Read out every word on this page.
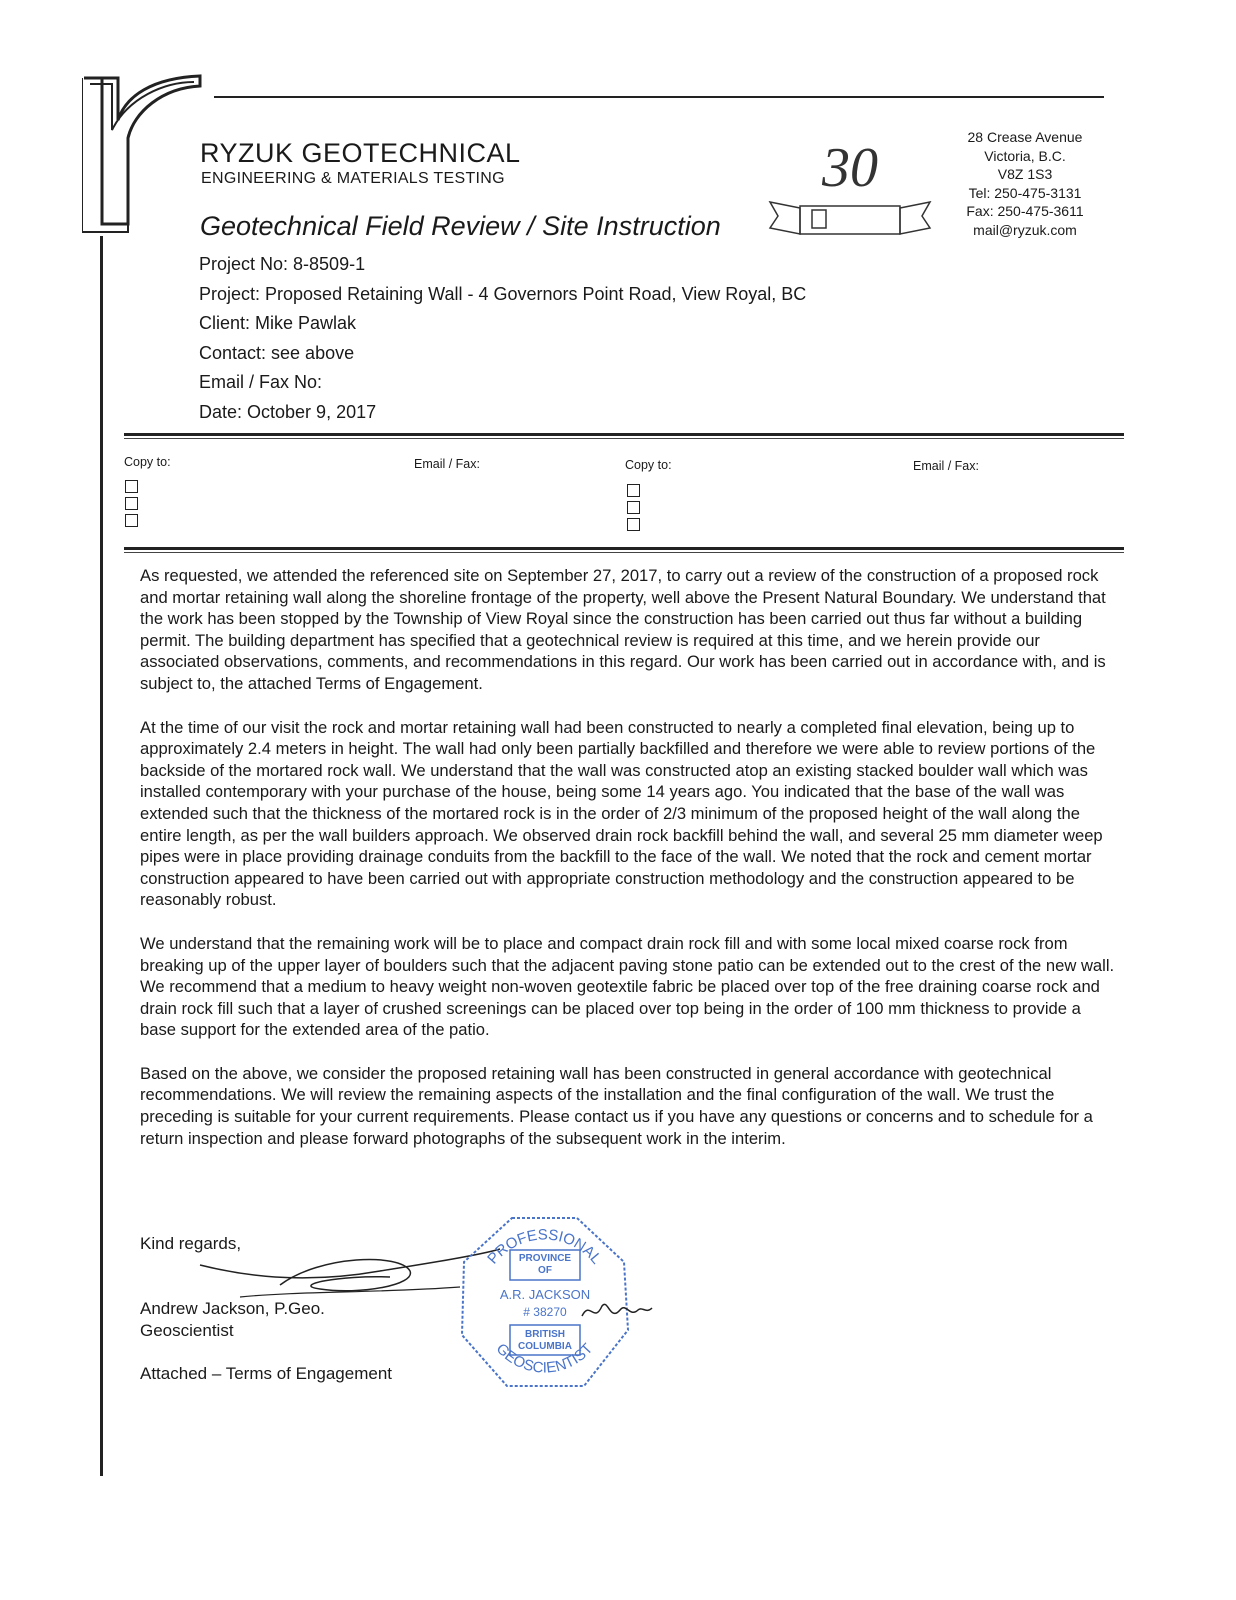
RYZUK GEOTECHNICAL
ENGINEERING & MATERIALS TESTING
Geotechnical Field Review / Site Instruction
30	28 Crease Avenue
Victoria, B.C.
V8Z 1S3
Tel: 250-475-3131
Fax: 250-475-3611
mail@ryzuk.com
Project No: 8-8509-1
Project: Proposed Retaining Wall - 4 Governors Point Road, View Royal, BC
Client: Mike Pawlak
Contact: see above
Email / Fax No:
Date: October 9, 2017
Copy to:	Email / Fax:	Copy to:	Email / Fax:

As requested, we attended the referenced site on September 27, 2017, to carry out a review of the construction of a proposed rock and mortar retaining wall along the shoreline frontage of the property, well above the Present Natural Boundary. We understand that the work has been stopped by the Township of View Royal since the construction has been carried out thus far without a building permit. The building department has specified that a geotechnical review is required at this time, and we herein provide our associated observations, comments, and recommendations in this regard. Our work has been carried out in accordance with, and is subject to, the attached Terms of Engagement.

At the time of our visit the rock and mortar retaining wall had been constructed to nearly a completed final elevation, being up to approximately 2.4 meters in height. The wall had only been partially backfilled and therefore we were able to review portions of the backside of the mortared rock wall. We understand that the wall was constructed atop an existing stacked boulder wall which was installed contemporary with your purchase of the house, being some 14 years ago. You indicated that the base of the wall was extended such that the thickness of the mortared rock is in the order of 2/3 minimum of the proposed height of the wall along the entire length, as per the wall builders approach. We observed drain rock backfill behind the wall, and several 25 mm diameter weep pipes were in place providing drainage conduits from the backfill to the face of the wall. We noted that the rock and cement mortar construction appeared to have been carried out with appropriate construction methodology and the construction appeared to be reasonably robust.

We understand that the remaining work will be to place and compact drain rock fill and with some local mixed coarse rock from breaking up of the upper layer of boulders such that the adjacent paving stone patio can be extended out to the crest of the new wall. We recommend that a medium to heavy weight non-woven geotextile fabric be placed over top of the free draining coarse rock and drain rock fill such that a layer of crushed screenings can be placed over top being in the order of 100 mm thickness to provide a base support for the extended area of the patio.

Based on the above, we consider the proposed retaining wall has been constructed in general accordance with geotechnical recommendations. We will review the remaining aspects of the installation and the final configuration of the wall. We trust the preceding is suitable for your current requirements. Please contact us if you have any questions or concerns and to schedule for a return inspection and please forward photographs of the subsequent work in the interim.

Kind regards,
Andrew Jackson, P.Geo.
Geoscientist
Attached – Terms of Engagement
PROFESSIONAL
GEOSCIENTIST
PROVINCE
OF
A.R. JACKSON
# 38270
BRITISH
COLUMBIA
